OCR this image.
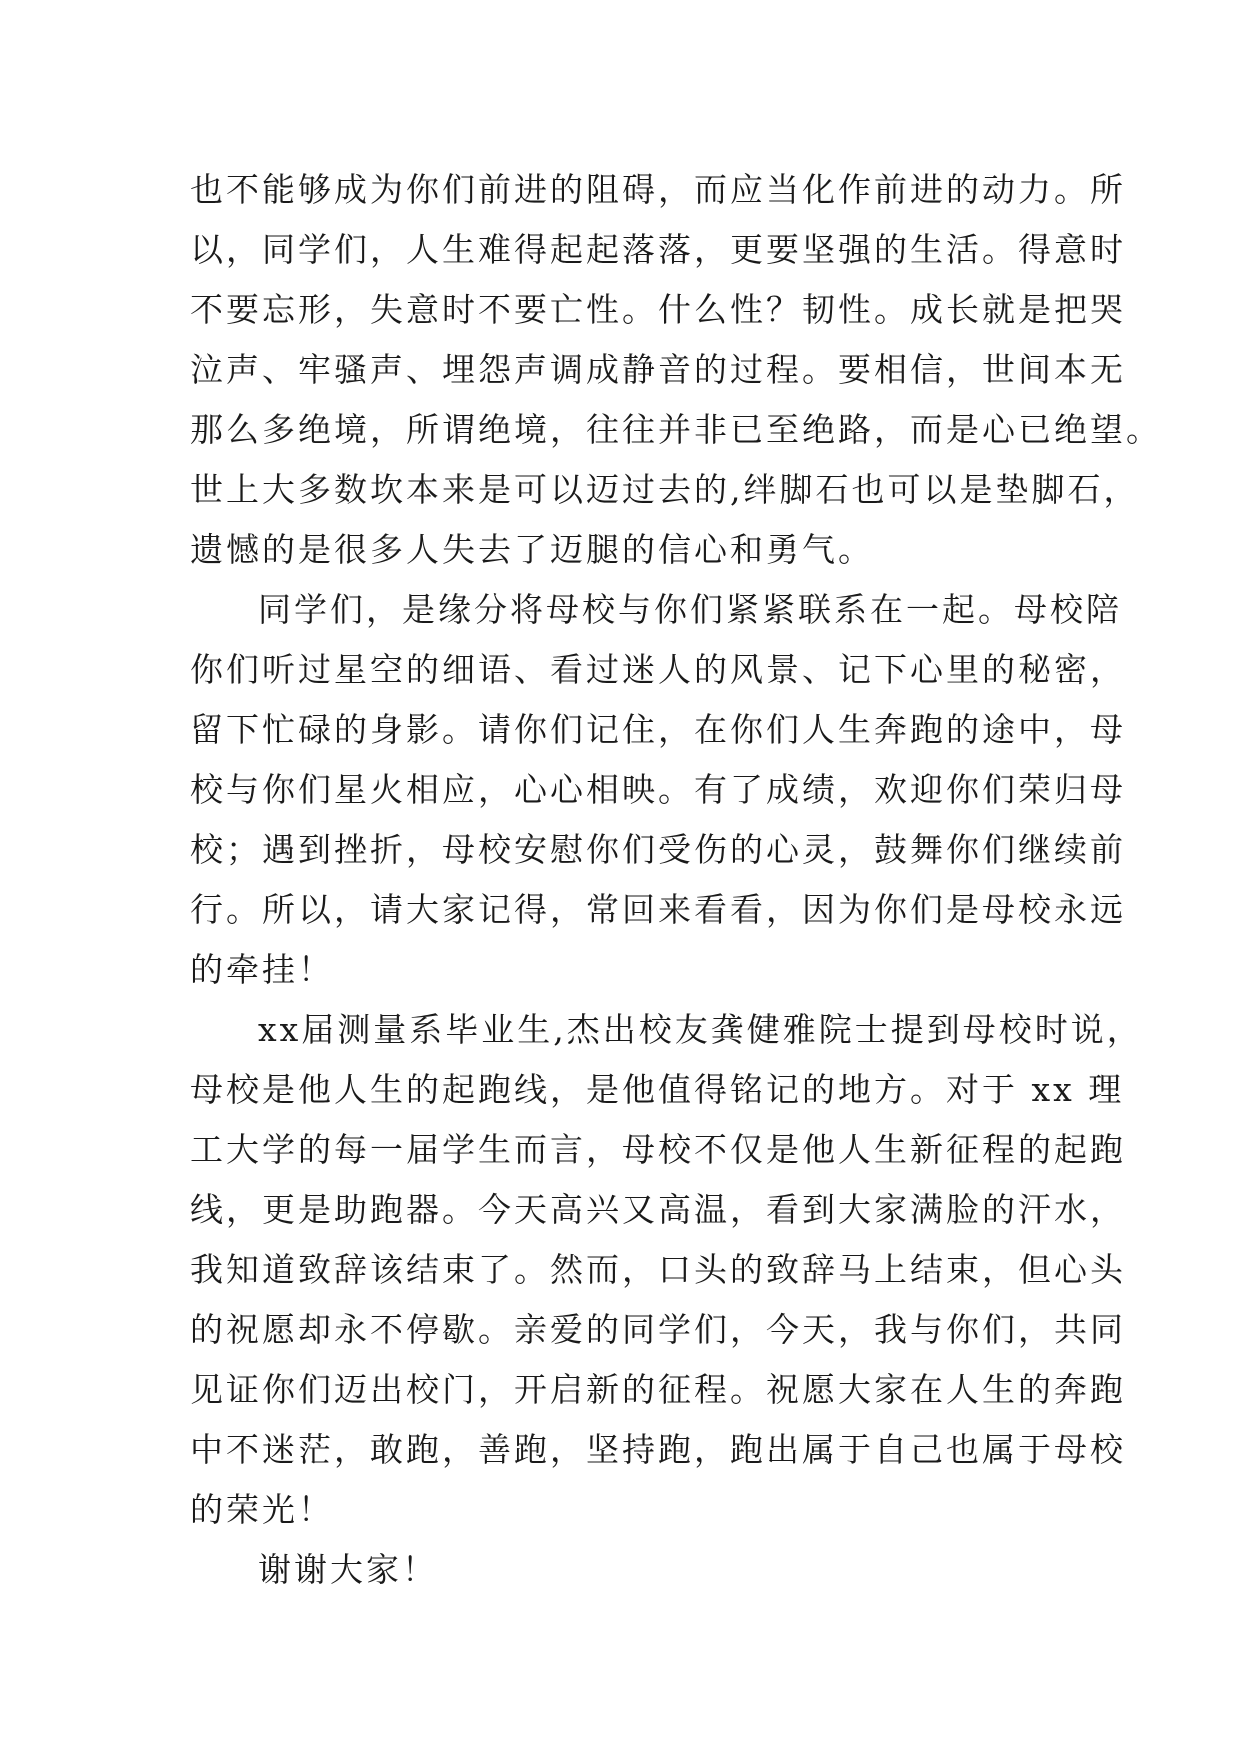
也不能够成为你们前进的阻碍，而应当化作前进的动力。所
以，同学们，人生难得起起落落，更要坚强的生活。得意时
不要忘形，失意时不要亡性。什么性？韧性。成长就是把哭
泣声、牢骚声、埋怨声调成静音的过程。要相信，世间本无
那么多绝境，所谓绝境，往往并非已至绝路，而是心已绝望。
世上大多数坎本来是可以迈过去的,绊脚石也可以是垫脚石，
遗憾的是很多人失去了迈腿的信心和勇气。
同学们，是缘分将母校与你们紧紧联系在一起。母校陪
你们听过星空的细语、看过迷人的风景、记下心里的秘密，
留下忙碌的身影。请你们记住，在你们人生奔跑的途中，母
校与你们星火相应，心心相映。有了成绩，欢迎你们荣归母
校；遇到挫折，母校安慰你们受伤的心灵，鼓舞你们继续前
行。所以，请大家记得，常回来看看，因为你们是母校永远
的牵挂！
xx届测量系毕业生,杰出校友龚健雅院士提到母校时说，
母校是他人生的起跑线，是他值得铭记的地方。对于 xx 理
工大学的每一届学生而言，母校不仅是他人生新征程的起跑
线，更是助跑器。今天高兴又高温，看到大家满脸的汗水，
我知道致辞该结束了。然而，口头的致辞马上结束，但心头
的祝愿却永不停歇。亲爱的同学们，今天，我与你们，共同
见证你们迈出校门，开启新的征程。祝愿大家在人生的奔跑
中不迷茫，敢跑，善跑，坚持跑，跑出属于自己也属于母校
的荣光！
谢谢大家！
